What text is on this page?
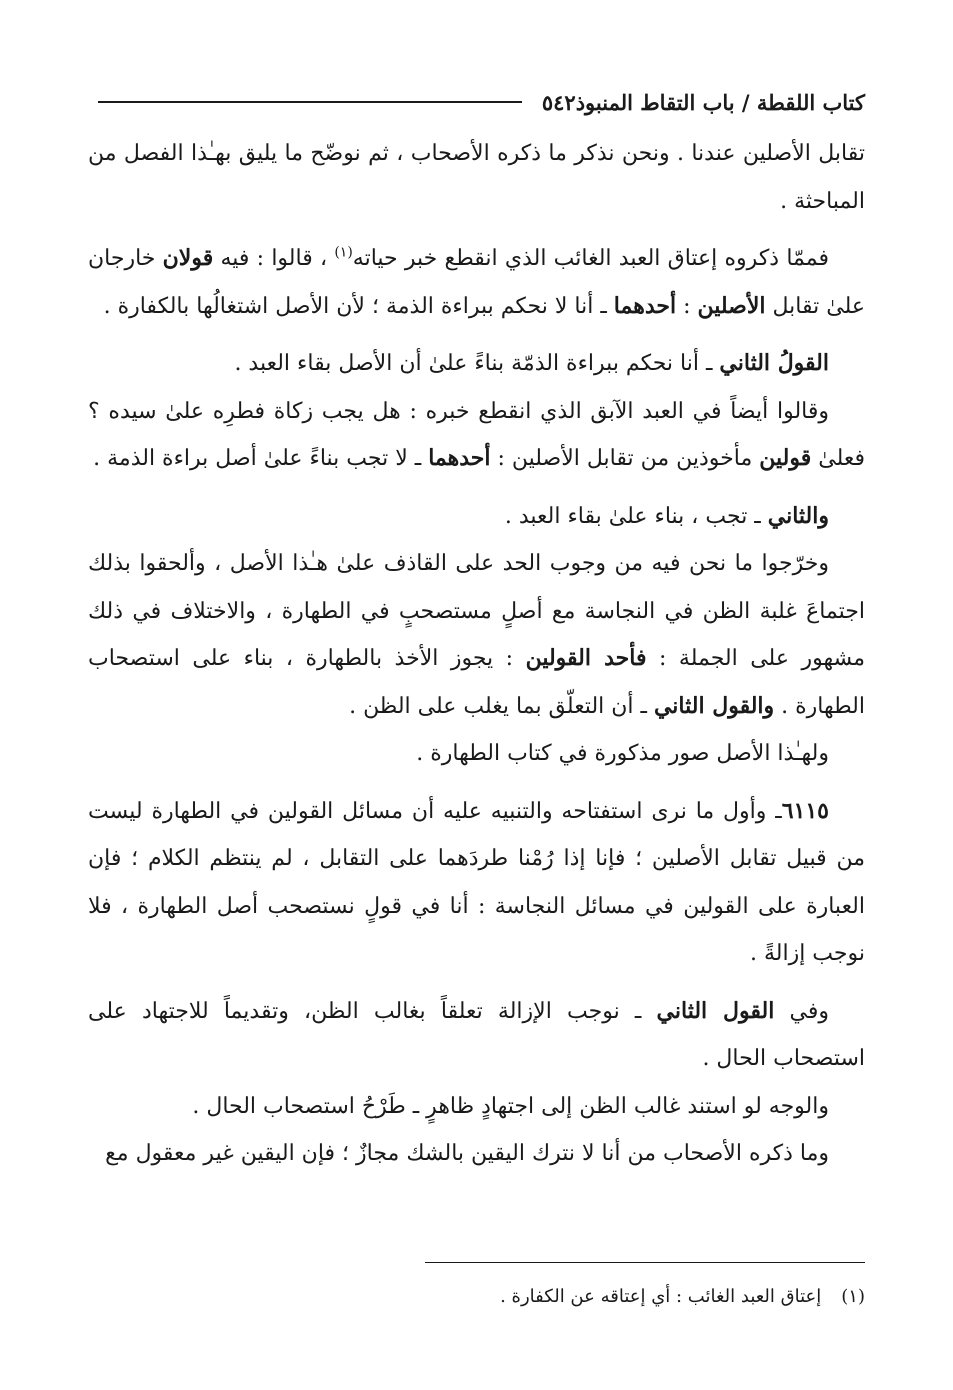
٥٤٢ كتاب اللقطة / باب التقاط المنبوذ

تقابل الأصلين عندنا . ونحن نذكر ما ذكره الأصحاب ، ثم نوضّح ما يليق بهـٰذا الفصل من المباحثة .

فممّا ذكروه إعتاق العبد الغائب الذي انقطع خبر حياته$^{(١)}$ ، قالوا : فيه قولان خارجان علىٰ تقابل الأصلين : أحدهما ـ أنا لا نحكم ببراءة الذمة ؛ لأن الأصل اشتغالُها بالكفارة .

القولُ الثاني ـ أنا نحكم ببراءة الذمّة بناءً علىٰ أن الأصل بقاء العبد .

وقالوا أيضاً في العبد الآبق الذي انقطع خبره : هل يجب زكاة فطرِه علىٰ سيده ؟ فعلىٰ قولين مأخوذين من تقابل الأصلين : أحدهما ـ لا تجب بناءً علىٰ أصل براءة الذمة .

والثاني ـ تجب ، بناء علىٰ بقاء العبد .

وخرّجوا ما نحن فيه من وجوب الحد على القاذف علىٰ هـٰذا الأصل ، وألحقوا بذلك اجتماعَ غلبة الظن في النجاسة مع أصلٍ مستصحبٍ في الطهارة ، والاختلاف في ذلك مشهور على الجملة : فأحد القولين : يجوز الأخذ بالطهارة ، بناء على استصحاب الطهارة . والقول الثاني ـ أن التعلّق بما يغلب على الظن .

ولهـٰذا الأصل صور مذكورة في كتاب الطهارة .

٦١١٥ـ وأول ما نرى استفتاحه والتنبيه عليه أن مسائل القولين في الطهارة ليست من قبيل تقابل الأصلين ؛ فإنا إذا رُمْنا طردَهما على التقابل ، لم ينتظم الكلام ؛ فإن العبارة على القولين في مسائل النجاسة : أنا في قولٍ نستصحب أصل الطهارة ، فلا نوجب إزالةً .

وفي القول الثاني ـ نوجب الإزالة تعلقاً بغالب الظن، وتقديماً للاجتهاد على استصحاب الحال .

والوجه لو استند غالب الظن إلى اجتهادٍ ظاهرٍ ـ طَرْحُ استصحاب الحال .

وما ذكره الأصحاب من أنا لا نترك اليقين بالشك مجازٌ ؛ فإن اليقين غير معقول مع

(١)إعتاق العبد الغائب : أي إعتاقه عن الكفارة .
